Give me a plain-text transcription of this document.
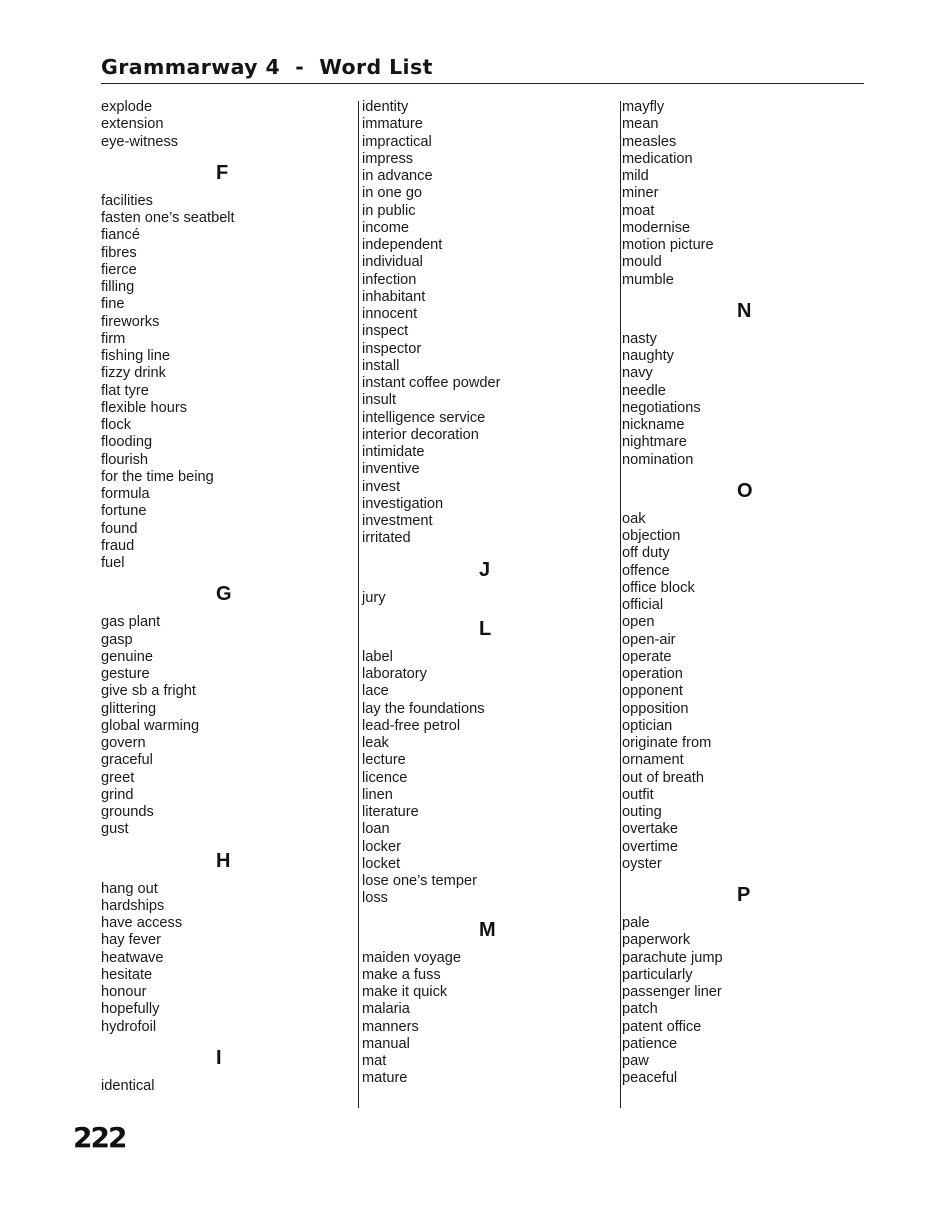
Grammarway 4  -  Word List
explode
extension
eye-witness
F
facilities
fasten one’s seatbelt
fiancé
fibres
fierce
filling
fine
fireworks
firm
fishing line
fizzy drink
flat tyre
flexible hours
flock
flooding
flourish
for the time being
formula
fortune
found
fraud
fuel
G
gas plant
gasp
genuine
gesture
give sb a fright
glittering
global warming
govern
graceful
greet
grind
grounds
gust
H
hang out
hardships
have access
hay fever
heatwave
hesitate
honour
hopefully
hydrofoil
I
identical
identity
immature
impractical
impress
in advance
in one go
in public
income
independent
individual
infection
inhabitant
innocent
inspect
inspector
install
instant coffee powder
insult
intelligence service
interior decoration
intimidate
inventive
invest
investigation
investment
irritated
J
jury
L
label
laboratory
lace
lay the foundations
lead-free petrol
leak
lecture
licence
linen
literature
loan
locker
locket
lose one’s temper
loss
M
maiden voyage
make a fuss
make it quick
malaria
manners
manual
mat
mature
mayfly
mean
measles
medication
mild
miner
moat
modernise
motion picture
mould
mumble
N
nasty
naughty
navy
needle
negotiations
nickname
nightmare
nomination
O
oak
objection
off duty
offence
office block
official
open
open-air
operate
operation
opponent
opposition
optician
originate from
ornament
out of breath
outfit
outing
overtake
overtime
oyster
P
pale
paperwork
parachute jump
particularly
passenger liner
patch
patent office
patience
paw
peaceful
222
